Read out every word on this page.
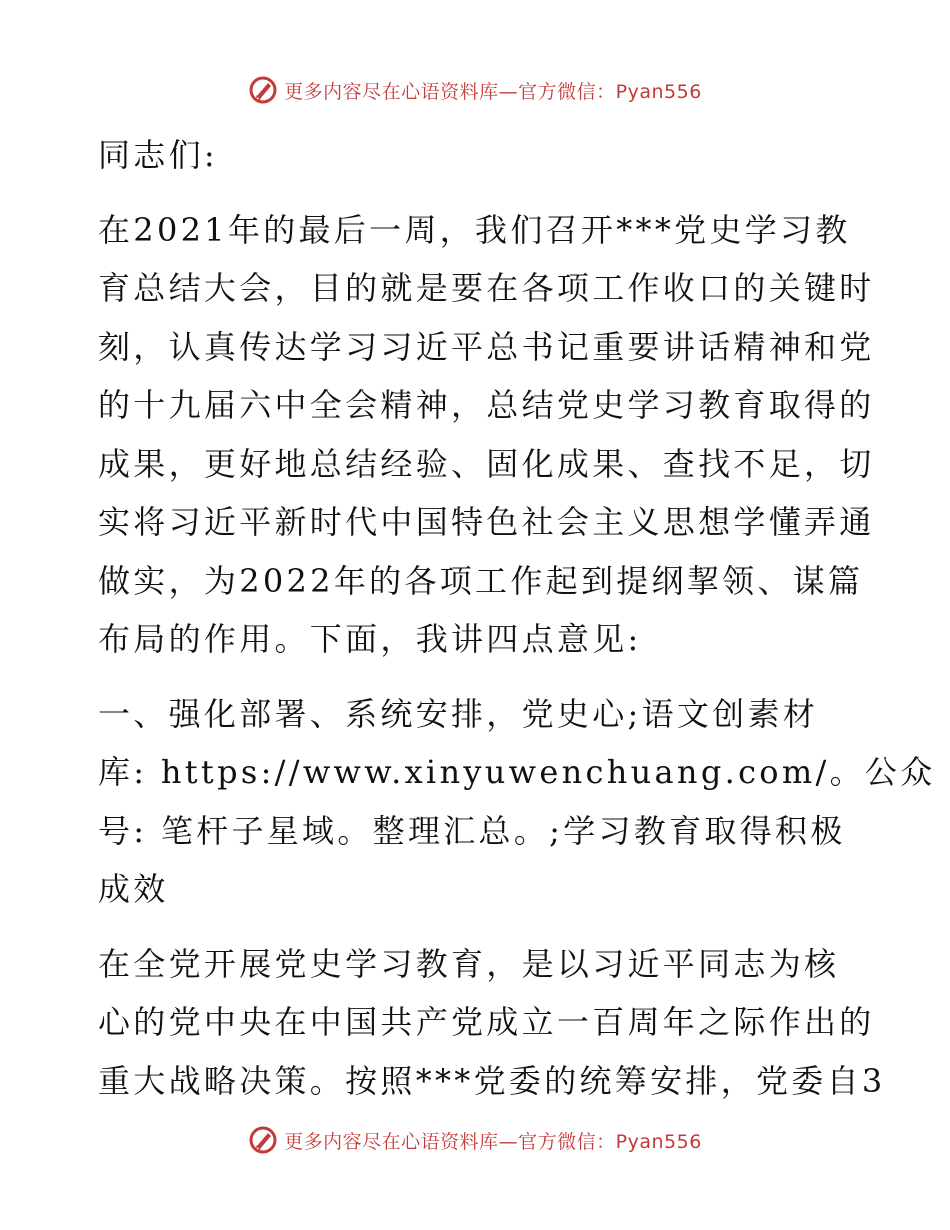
更多内容尽在心语资料库—官方微信：Pyan556

同志们:

在2021年的最后一周，我们召开***党史学习教
育总结大会，目的就是要在各项工作收口的关键时
刻，认真传达学习习近平总书记重要讲话精神和党
的十九届六中全会精神，总结党史学习教育取得的
成果，更好地总结经验、固化成果、查找不足，切
实将习近平新时代中国特色社会主义思想学懂弄通
做实，为2022年的各项工作起到提纲挈领、谋篇
布局的作用。下面，我讲四点意见:

一、强化部署、系统安排，党史心;语文创素材
库: https://www.xinyuwenchuang.com/。公众
号: 笔杆子星域。整理汇总。;学习教育取得积极
成效

在全党开展党史学习教育，是以习近平同志为核
心的党中央在中国共产党成立一百周年之际作出的
重大战略决策。按照***党委的统筹安排，党委自3

更多内容尽在心语资料库—官方微信：Pyan556
